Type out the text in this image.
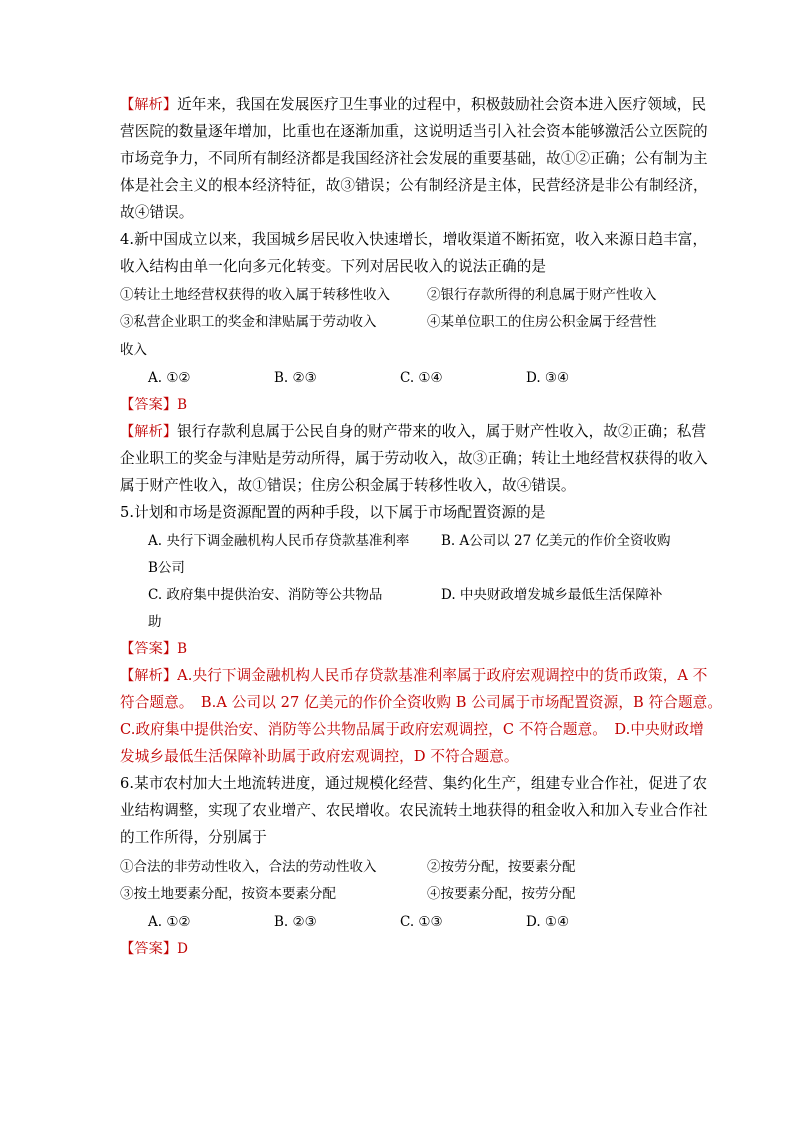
【解析】近年来，我国在发展医疗卫生事业的过程中，积极鼓励社会资本进入医疗领域，民
营医院的数量逐年增加，比重也在逐渐加重，这说明适当引入社会资本能够激活公立医院的
市场竞争力，不同所有制经济都是我国经济社会发展的重要基础，故①②正确；公有制为主
体是社会主义的根本经济特征，故③错误；公有制经济是主体，民营经济是非公有制经济，
故④错误。
4.新中国成立以来，我国城乡居民收入快速增长，增收渠道不断拓宽，收入来源日趋丰富，
收入结构由单一化向多元化转变。下列对居民收入的说法正确的是
①转让土地经营权获得的收入属于转移性收入	②银行存款所得的利息属于财产性收入
③私营企业职工的奖金和津贴属于劳动收入	④某单位职工的住房公积金属于经营性
收入
A. ①②	B. ②③	C. ①④	D. ③④
【答案】B
【解析】银行存款利息属于公民自身的财产带来的收入，属于财产性收入，故②正确；私营
企业职工的奖金与津贴是劳动所得，属于劳动收入，故③正确；转让土地经营权获得的收入
属于财产性收入，故①错误；住房公积金属于转移性收入，故④错误。
5.计划和市场是资源配置的两种手段，以下属于市场配置资源的是
A. 央行下调金融机构人民币存贷款基准利率 B. A公司以 27 亿美元的作价全资收购
B公司
C. 政府集中提供治安、消防等公共物品	D. 中央财政增发城乡最低生活保障补
助
【答案】B
【解析】A.央行下调金融机构人民币存贷款基准利率属于政府宏观调控中的货币政策，A 不
符合题意。　B.A 公司以 27 亿美元的作价全资收购 B 公司属于市场配置资源，B 符合题意。
C.政府集中提供治安、消防等公共物品属于政府宏观调控，C 不符合题意。　D.中央财政增
发城乡最低生活保障补助属于政府宏观调控，D 不符合题意。
6.某市农村加大土地流转进度，通过规模化经营、集约化生产，组建专业合作社，促进了农
业结构调整，实现了农业增产、农民增收。农民流转土地获得的租金收入和加入专业合作社
的工作所得，分别属于
①合法的非劳动性收入，合法的劳动性收入	②按劳分配，按要素分配
③按土地要素分配，按资本要素分配	④按要素分配，按劳分配
A. ①②	B. ②③	C. ①③	D. ①④
【答案】D
